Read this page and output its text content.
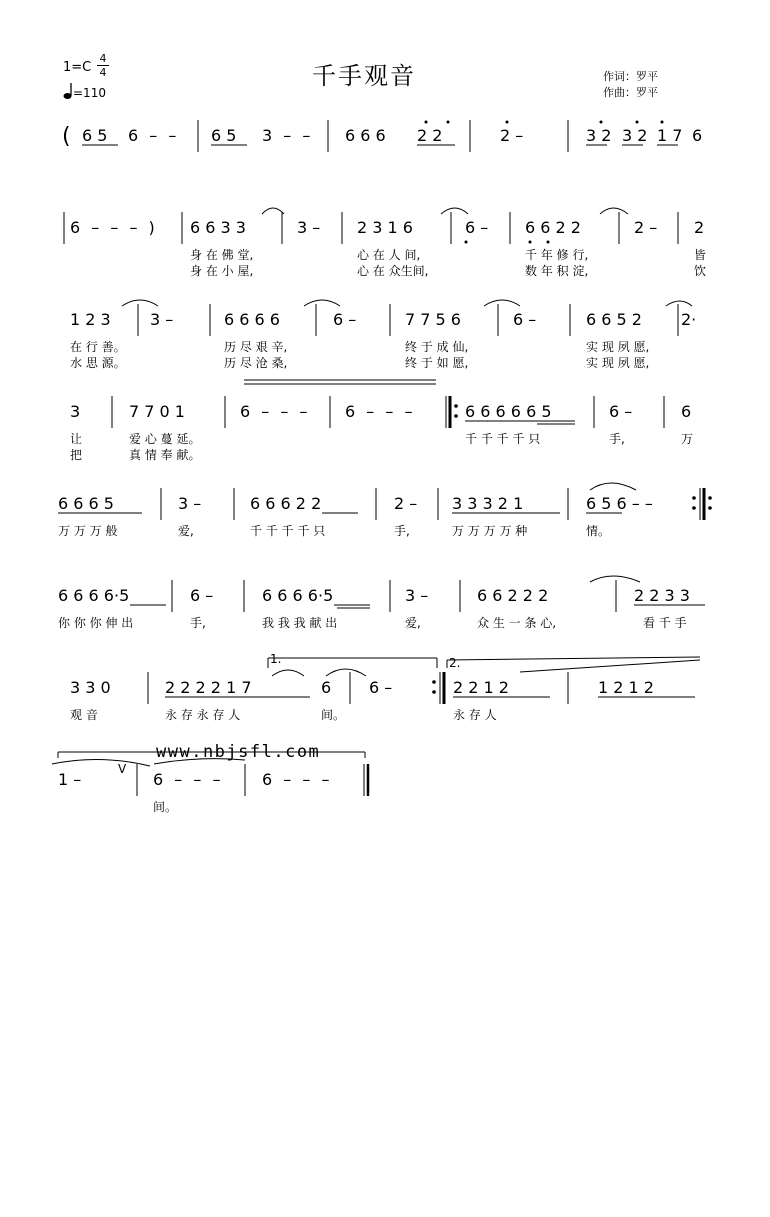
1=C
4
4
=110
千手观音	作词：罗平
作曲：罗平
( 6 5 6 – – 6 5 3 – – 6 6 6 2 2	2 –	3 2 3 2 1 7 6
6 – – – ) 6 6 3 3	3 – 2 3 1 6	6 – 6 6 2 2	2 – 2
身 在 佛 堂,	心 在 人 间,	千 年 修 行,	皆
身 在 小 屋,	心 在 众生间,	数 年 积 淀,	饮
1 2 3 3 –	6 6 6 6	6 –	7 7 5 6	6 –	6 6 5 2 2·
在 行 善。	历 尽 艰 辛,	终 于 成 仙,	实 现 夙 愿,
水 思 源。	历 尽 沧 桑,	终 于 如 愿,	实 现 夙 愿,
3	7 7 0 1	6 – – – 6 – – –	6 6 6 6 6 5	6 –	6
让	爱 心 蔓 延。	千 千 千 千 只	手,	万
把	真 情 奉 献。
6 6 6 5	3 –	6 6 6 2 2	2 – 3 3 3 2 1	6 5 6 – –
万 万 万 般	爱,	千 千 千 千 只	手,	万 万 万 万 种	情。
6 6 6 6·5	6 –	6 6 6 6·5	3 –	6 6 2 2 2	2 2 3 3
你 你 你 伸 出	手,	我 我 我 献 出	爱,	众 生 一 条 心,	看 千 手
1.	2.
3 3 0	2 2 2 2 1 7	6 6 –	2 2 1 2	1 2 1 2
观 音	永 存 永 存 人	间。	永 存 人
www.nbjsfl.com
1 –
V
6 – – – 6 – – –
间。
